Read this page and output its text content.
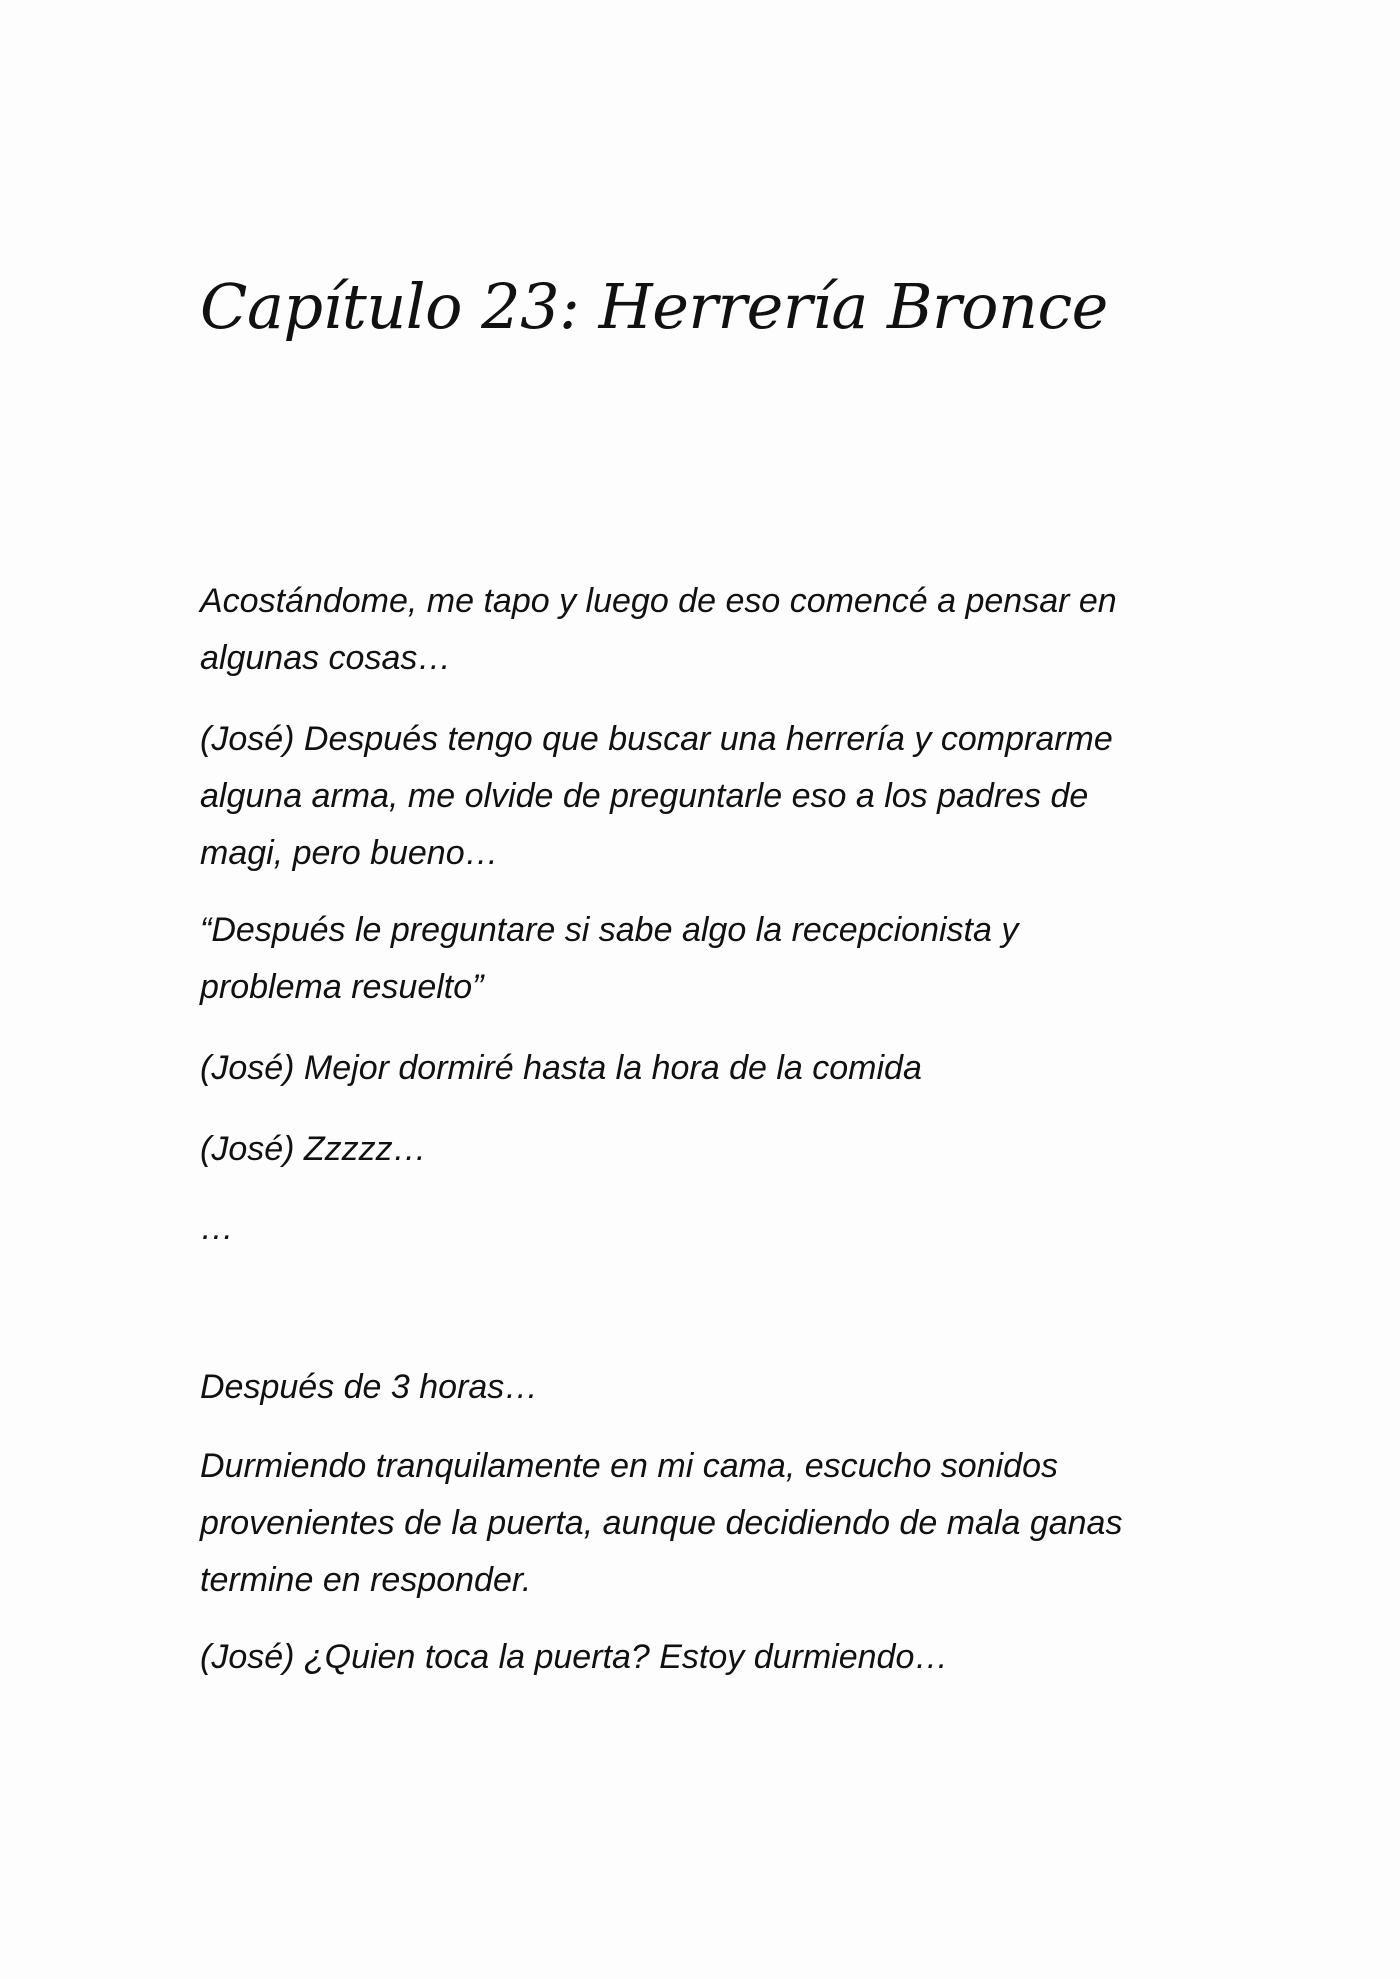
Capítulo 23: Herrería Bronce

Acostándome, me tapo y luego de eso comencé a pensar en
algunas cosas…

(José) Después tengo que buscar una herrería y comprarme
alguna arma, me olvide de preguntarle eso a los padres de
magi, pero bueno…

“Después le preguntare si sabe algo la recepcionista y
problema resuelto”

(José) Mejor dormiré hasta la hora de la comida

(José) Zzzzz…

…

Después de 3 horas…

Durmiendo tranquilamente en mi cama, escucho sonidos
provenientes de la puerta, aunque decidiendo de mala ganas
termine en responder.

(José) ¿Quien toca la puerta? Estoy durmiendo…
